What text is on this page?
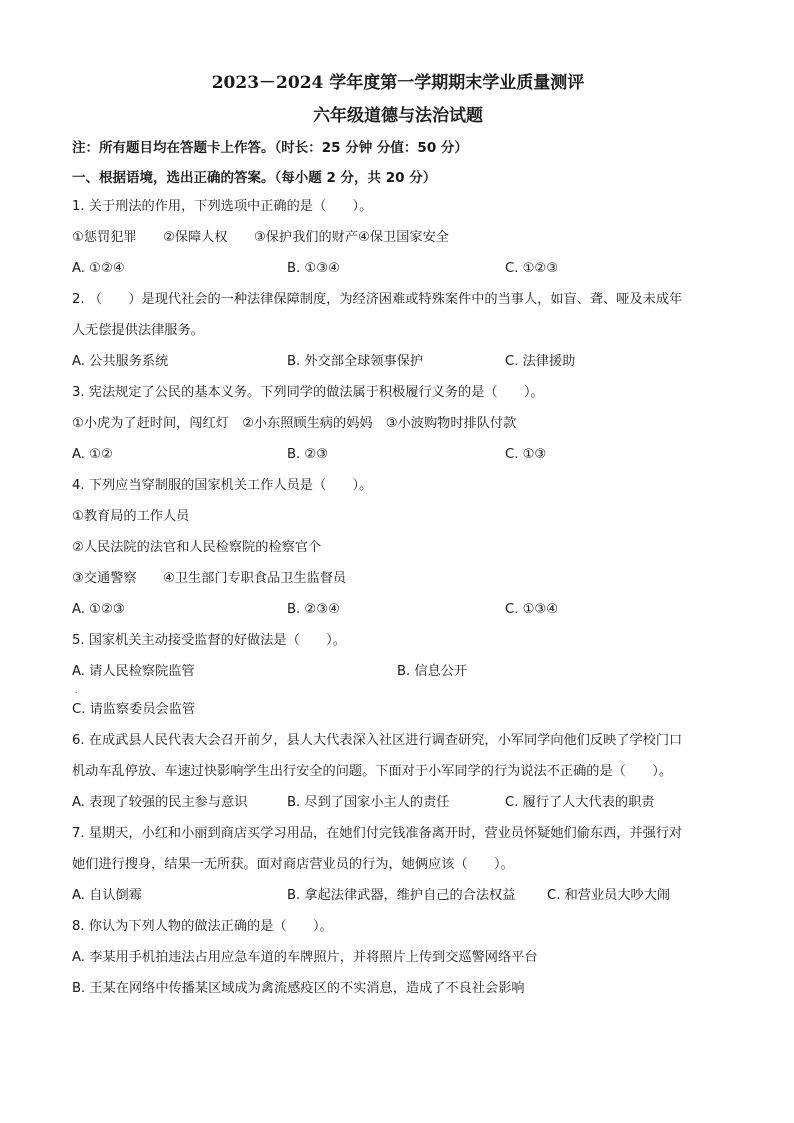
2023－2024 学年度第一学期期末学业质量测评
六年级道德与法治试题
注：所有题目均在答题卡上作答。（时长：25 分钟 分值：50 分）
一、根据语境，选出正确的答案。（每小题 2 分，共 20 分）
1. 关于刑法的作用，下列选项中正确的是（　　）。
①惩罚犯罪　　②保障人权　　③保护我们的财产④保卫国家安全
A. ①②④	B. ①③④	C. ①②③
2. （　　）是现代社会的一种法律保障制度，为经济困难或特殊案件中的当事人，如盲、聋、哑及未成年
人无偿提供法律服务。
A. 公共服务系统	B. 外交部全球领事保护	C. 法律援助
3. 宪法规定了公民的基本义务。下列同学的做法属于积极履行义务的是（　　）。
①小虎为了赶时间，闯红灯　②小东照顾生病的妈妈　③小波购物时排队付款
A. ①②	B. ②③	C. ①③
4. 下列应当穿制服的国家机关工作人员是（　　）。
①教育局的工作人员
②人民法院的法官和人民检察院的检察官个
③交通警察　　④卫生部门专职食品卫生监督员
A. ①②③	B. ②③④	C. ①③④
5. 国家机关主动接受监督的好做法是（　　）。
A. 请人民检察院监管	B. 信息公开
.
C. 请监察委员会监管
6. 在成武县人民代表大会召开前夕，县人大代表深入社区进行调查研究，小军同学向他们反映了学校门口
机动车乱停放、车速过快影响学生出行安全的问题。下面对于小军同学的行为说法不正确的是（　　）。
A. 表现了较强的民主参与意识	B. 尽到了国家小主人的责任	C. 履行了人大代表的职责
7. 星期天，小红和小丽到商店买学习用品，在她们付完钱准备离开时，营业员怀疑她们偷东西，并强行对
她们进行搜身，结果一无所获。面对商店营业员的行为，她俩应该（　　）。
A. 自认倒霉	B. 拿起法律武器，维护自己的合法权益	C. 和营业员大吵大闹
8. 你认为下列人物的做法正确的是（　　）。
A. 李某用手机拍违法占用应急车道的车牌照片，并将照片上传到交巡警网络平台
B. 王某在网络中传播某区域成为禽流感疫区的不实消息，造成了不良社会影响
